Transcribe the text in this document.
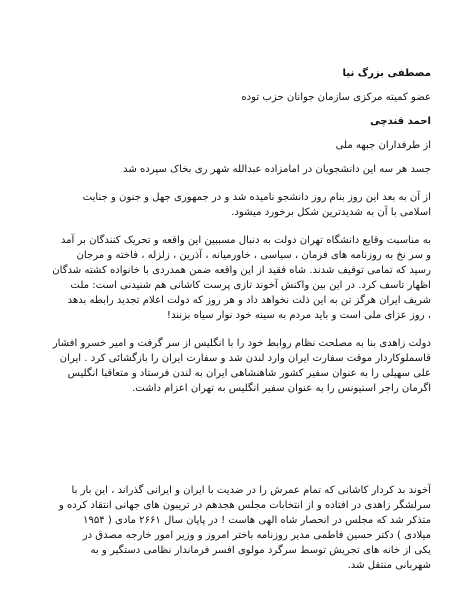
مصطفی بزرگ نیا
عضو کمیته مرکزی سازمان جوانان حزب توده
احمد قندچی
از طرفداران جبهه ملی
جسد هر سه این دانشجویان در امامزاده عبدالله شهر ری بخاک سپرده شد
از آن به بعد این روز بنام روز دانشجو نامیده شد و در جمهوری جهل و جنون و جنایت
اسلامی با آن به شدیدترین شکل برخورد میشود.
به مناسبت وقایع دانشگاه تهران دولت به دنبال مسببین این واقعه و تحریک کنندگان بر آمد
و سر نخ به روزنامه های فرمان ، سیاسی ، خاورمیانه ، آذرین ، زلزله ، فاخته و مرجان
رسید که تمامی توقیف شدند. شاه فقید از این واقعه ضمن همدردی با خانواده کشته شدگان
اظهار تاسف کرد. در این بین واکنش آخوند تازی پرست کاشانی هم شنیدنی است: ملت
شریف ایران هرگز تن به این ذلت نخواهد داد و هر روز که دولت اعلام تجدید رابطه بدهد
، روز عزای ملی است و باید مردم به سینه خود نوار سیاه بزنند!
دولت زاهدی بنا به مصلحت نظام روابط خود را با انگلیس از سر گرفت و امیر خسرو افشار
قاسملوکاردار موقت سفارت ایران وارد لندن شد و سفارت ایران را بازگشائی کرد . ایران
علی سهیلی را به عنوان سفیر کشور شاهنشاهی ایران به لندن فرستاد و متعاقبا انگلیس
اگرمان راجر استیونس را به عنوان سفیر انگلیس به تهران اعزام داشت.
آخوند بد کردار کاشانی که تمام عمرش را در ضدیت با ایران و ایرانی گذراند ، این بار با
سرلشگر زاهدی در افتاده و از انتخابات مجلس هجدهم در تریبون های جهانی انتقاد کرده و
متذکر شد که مجلس در انحصار شاه الهی هاست ! در پایان سال ۲۶۶۱ مادی ( ۱۹۵۴
میلادی ) دکتر حسین فاطمی مدیر روزنامه باختر امروز و وزیر امور خارجه مصدق در
یکی از خانه های تجریش توسط سرگرد مولوی افسر فرماندار نظامی دستگیر و به
شهربانی منتقل شد.
